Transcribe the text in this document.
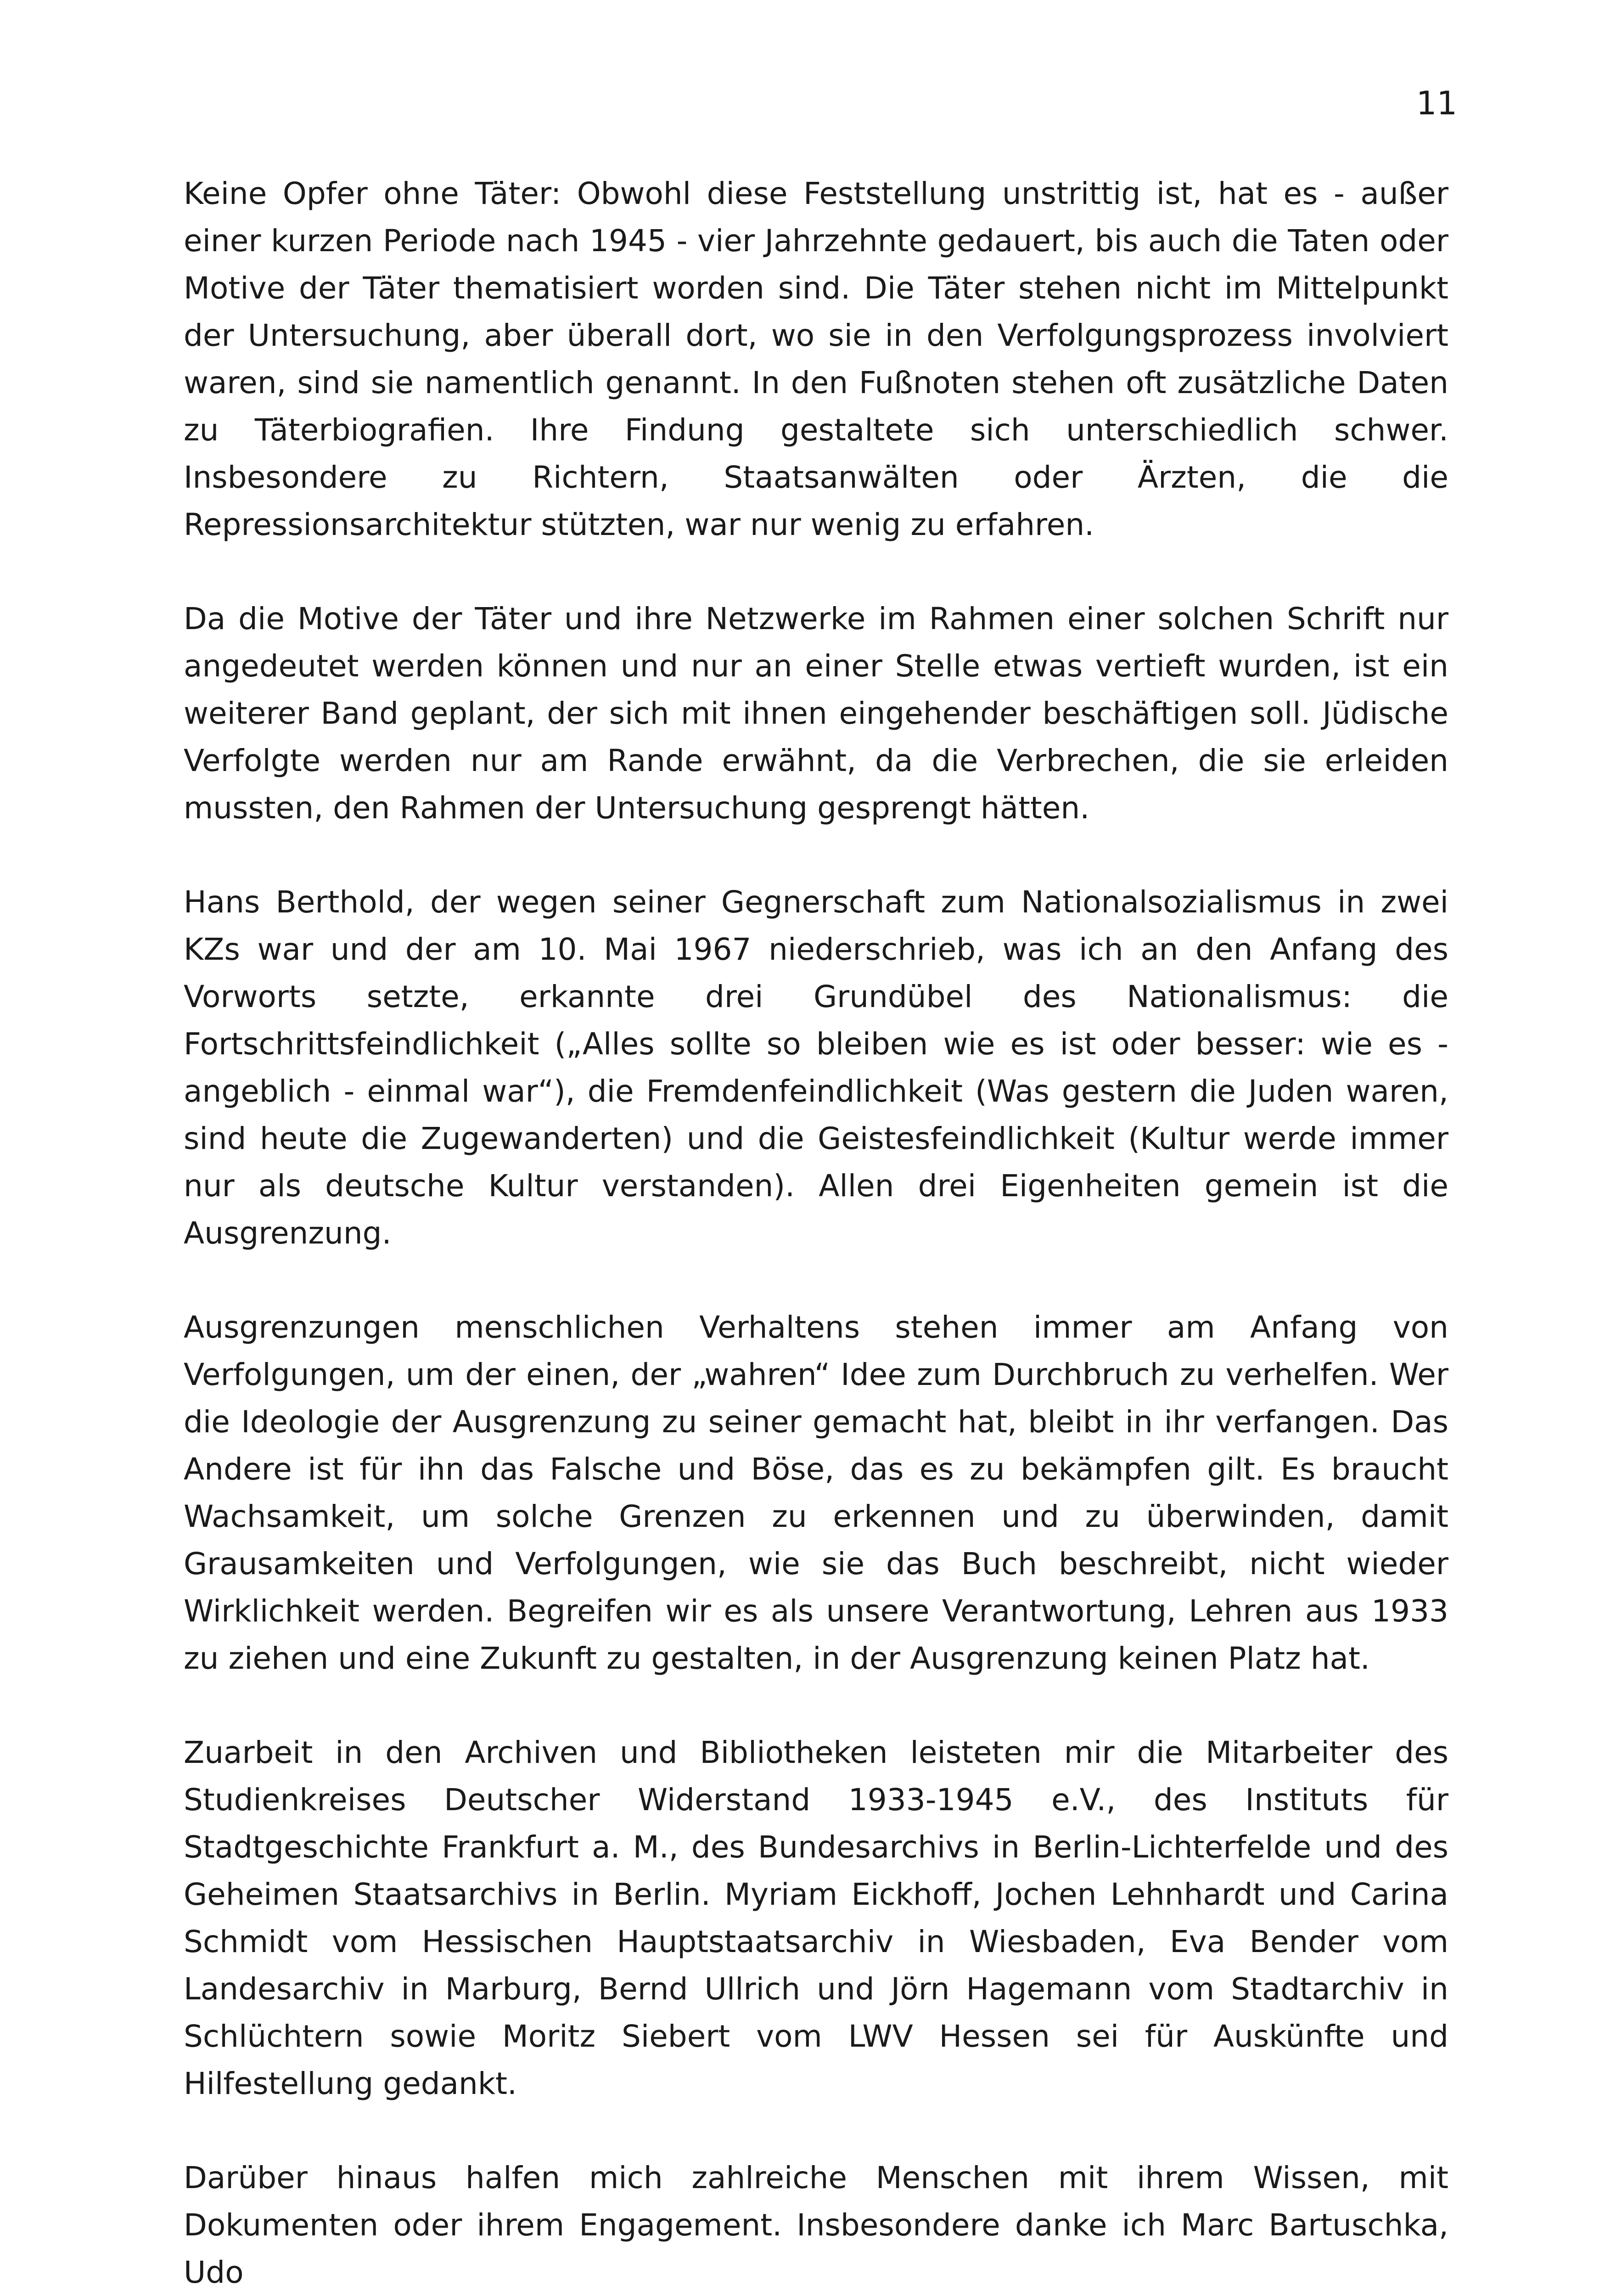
11

Keine Opfer ohne Täter: Obwohl diese Feststellung unstrittig ist, hat es - außer einer kurzen Periode nach 1945 - vier Jahrzehnte gedauert, bis auch die Taten oder Motive der Täter thematisiert worden sind. Die Täter stehen nicht im Mittelpunkt der Untersuchung, aber überall dort, wo sie in den Verfolgungsprozess involviert waren, sind sie namentlich genannt. In den Fußnoten stehen oft zusätzliche Daten zu Täterbiografien. Ihre Findung gestaltete sich unterschiedlich schwer. Insbesondere zu Richtern, Staatsanwälten oder Ärzten, die die Repressionsarchitektur stützten, war nur wenig zu erfahren.

Da die Motive der Täter und ihre Netzwerke im Rahmen einer solchen Schrift nur angedeutet werden können und nur an einer Stelle etwas vertieft wurden, ist ein weiterer Band geplant, der sich mit ihnen eingehender beschäftigen soll. Jüdische Verfolgte werden nur am Rande erwähnt, da die Verbrechen, die sie erleiden mussten, den Rahmen der Untersuchung gesprengt hätten.

Hans Berthold, der wegen seiner Gegnerschaft zum Nationalsozialismus in zwei KZs war und der am 10. Mai 1967 niederschrieb, was ich an den Anfang des Vorworts setzte, erkannte drei Grundübel des Nationalismus: die Fortschrittsfeindlichkeit („Alles sollte so bleiben wie es ist oder besser: wie es - angeblich - einmal war“), die Fremdenfeindlichkeit (Was gestern die Juden waren, sind heute die Zugewanderten) und die Geistesfeindlichkeit (Kultur werde immer nur als deutsche Kultur verstanden). Allen drei Eigenheiten gemein ist die Ausgrenzung.

Ausgrenzungen menschlichen Verhaltens stehen immer am Anfang von Verfolgungen, um der einen, der „wahren“ Idee zum Durchbruch zu verhelfen. Wer die Ideologie der Ausgrenzung zu seiner gemacht hat, bleibt in ihr verfangen. Das Andere ist für ihn das Falsche und Böse, das es zu bekämpfen gilt. Es braucht Wachsamkeit, um solche Grenzen zu erkennen und zu überwinden, damit Grausamkeiten und Verfolgungen, wie sie das Buch beschreibt, nicht wieder Wirklichkeit werden. Begreifen wir es als unsere Verantwortung, Lehren aus 1933 zu ziehen und eine Zukunft zu gestalten, in der Ausgrenzung keinen Platz hat.

Zuarbeit in den Archiven und Bibliotheken leisteten mir die Mitarbeiter des Studienkreises Deutscher Widerstand 1933-1945 e.V., des Instituts für Stadtgeschichte Frankfurt a. M., des Bundesarchivs in Berlin-Lichterfelde und des Geheimen Staatsarchivs in Berlin. Myriam Eickhoff, Jochen Lehnhardt und Carina Schmidt vom Hessischen Hauptstaatsarchiv in Wiesbaden, Eva Bender vom Landesarchiv in Marburg, Bernd Ullrich und Jörn Hagemann vom Stadtarchiv in Schlüchtern sowie Moritz Siebert vom LWV Hessen sei für Auskünfte und Hilfestellung gedankt.

Darüber hinaus halfen mich zahlreiche Menschen mit ihrem Wissen, mit Dokumenten oder ihrem Engagement. Insbesondere danke ich Marc Bartuschka, Udo
